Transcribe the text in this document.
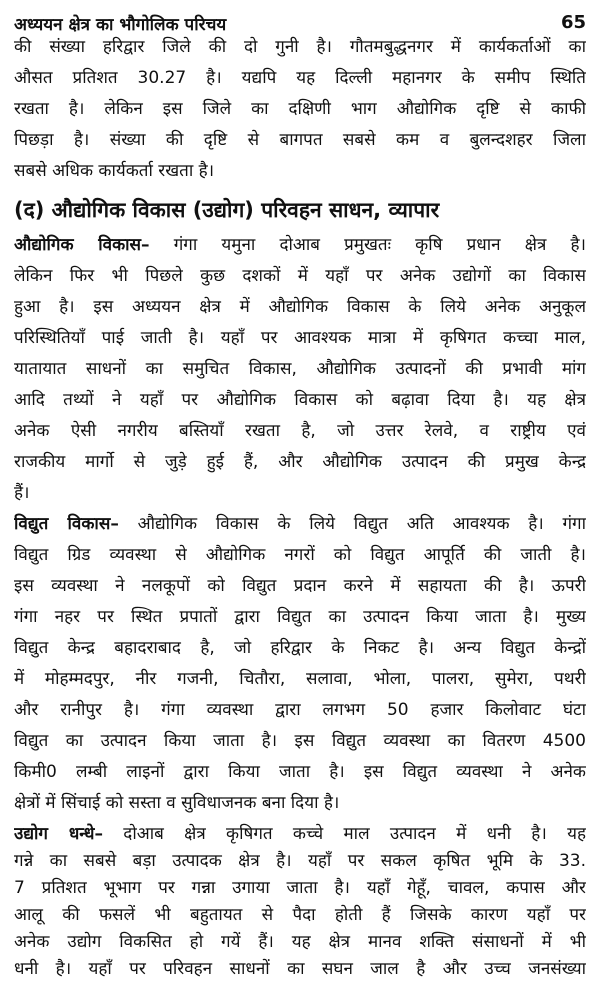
अध्ययन क्षेत्र का भौगोलिक परिचय	65
की संख्या हरिद्वार जिले की दो गुनी है। गौतमबुद्धनगर में कार्यकर्ताओं का
औसत प्रतिशत 30.27 है। यद्यपि यह दिल्ली महानगर के समीप स्थिति
रखता है। लेकिन इस जिले का दक्षिणी भाग औद्योगिक दृष्टि से काफी
पिछड़ा है। संख्या की दृष्टि से बागपत सबसे कम व बुलन्दशहर जिला
सबसे अधिक कार्यकर्ता रखता है।
(द) औद्योगिक विकास (उद्योग) परिवहन साधन, व्यापार
औद्योगिक विकास– गंगा यमुना दोआब प्रमुखतः कृषि प्रधान क्षेत्र है।
लेकिन फिर भी पिछले कुछ दशकों में यहाँ पर अनेक उद्योगों का विकास
हुआ है। इस अध्ययन क्षेत्र में औद्योगिक विकास के लिये अनेक अनुकूल
परिस्थितियाँ पाई जाती है। यहाँ पर आवश्यक मात्रा में कृषिगत कच्चा माल,
यातायात साधनों का समुचित विकास, औद्योगिक उत्पादनों की प्रभावी मांग
आदि तथ्यों ने यहाँ पर औद्योगिक विकास को बढ़ावा दिया है। यह क्षेत्र
अनेक ऐसी नगरीय बस्तियाँ रखता है, जो उत्तर रेलवे, व राष्ट्रीय एवं
राजकीय मार्गो से जुड़े हुई हैं, और औद्योगिक उत्पादन की प्रमुख केन्द्र
हैं।
विद्युत विकास– औद्योगिक विकास के लिये विद्युत अति आवश्यक है। गंगा
विद्युत ग्रिड व्यवस्था से औद्योगिक नगरों को विद्युत आपूर्ति की जाती है।
इस व्यवस्था ने नलकूपों को विद्युत प्रदान करने में सहायता की है। ऊपरी
गंगा नहर पर स्थित प्रपातों द्वारा विद्युत का उत्पादन किया जाता है। मुख्य
विद्युत केन्द्र बहादराबाद है, जो हरिद्वार के निकट है। अन्य विद्युत केन्द्रों
में मोहम्मदपुर, नीर गजनी, चितौरा, सलावा, भोला, पालरा, सुमेरा, पथरी
और रानीपुर है। गंगा व्यवस्था द्वारा लगभग 50 हजार किलोवाट घंटा
विद्युत का उत्पादन किया जाता है। इस विद्युत व्यवस्था का वितरण 4500
किमी0 लम्बी लाइनों द्वारा किया जाता है। इस विद्युत व्यवस्था ने अनेक
क्षेत्रों में सिंचाई को सस्ता व सुविधाजनक बना दिया है।
उद्योग धन्धे– दोआब क्षेत्र कृषिगत कच्चे माल उत्पादन में धनी है। यह
गन्ने का सबसे बड़ा उत्पादक क्षेत्र है। यहाँ पर सकल कृषित भूमि के 33.
7 प्रतिशत भूभाग पर गन्ना उगाया जाता है। यहाँ गेहूँ, चावल, कपास और
आलू की फसलें भी बहुतायत से पैदा होती हैं जिसके कारण यहाँ पर
अनेक उद्योग विकसित हो गयें हैं। यह क्षेत्र मानव शक्ति संसाधनों में भी
धनी है। यहाँ पर परिवहन साधनों का सघन जाल है और उच्च जनसंख्या
